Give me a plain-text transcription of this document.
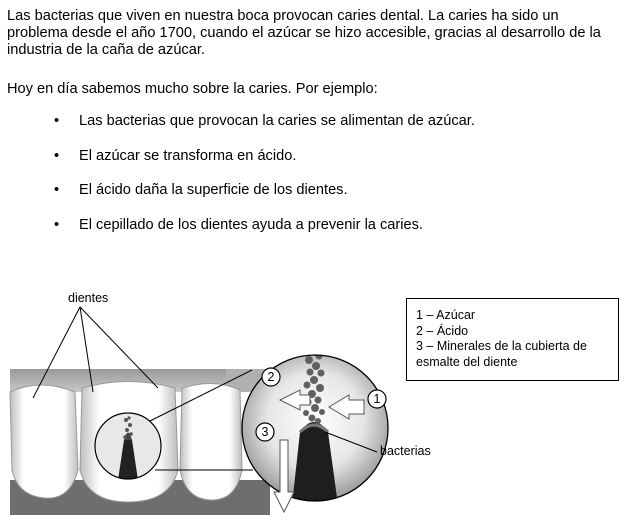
Las bacterias que viven en nuestra boca provocan caries dental. La caries ha sido un problema desde el año 1700, cuando el azúcar se hizo accesible, gracias al desarrollo de la industria de la caña de azúcar.

Hoy en día sabemos mucho sobre la caries. Por ejemplo:

• Las bacterias que provocan la caries se alimentan de azúcar.
• El azúcar se transforma en ácido.
• El ácido daña la superficie de los dientes.
• El cepillado de los dientes ayuda a prevenir la caries.
1
2
3
dientes
bacterias
1 – Azúcar
2 – Ácido
3 – Minerales de la cubierta de esmalte del diente
